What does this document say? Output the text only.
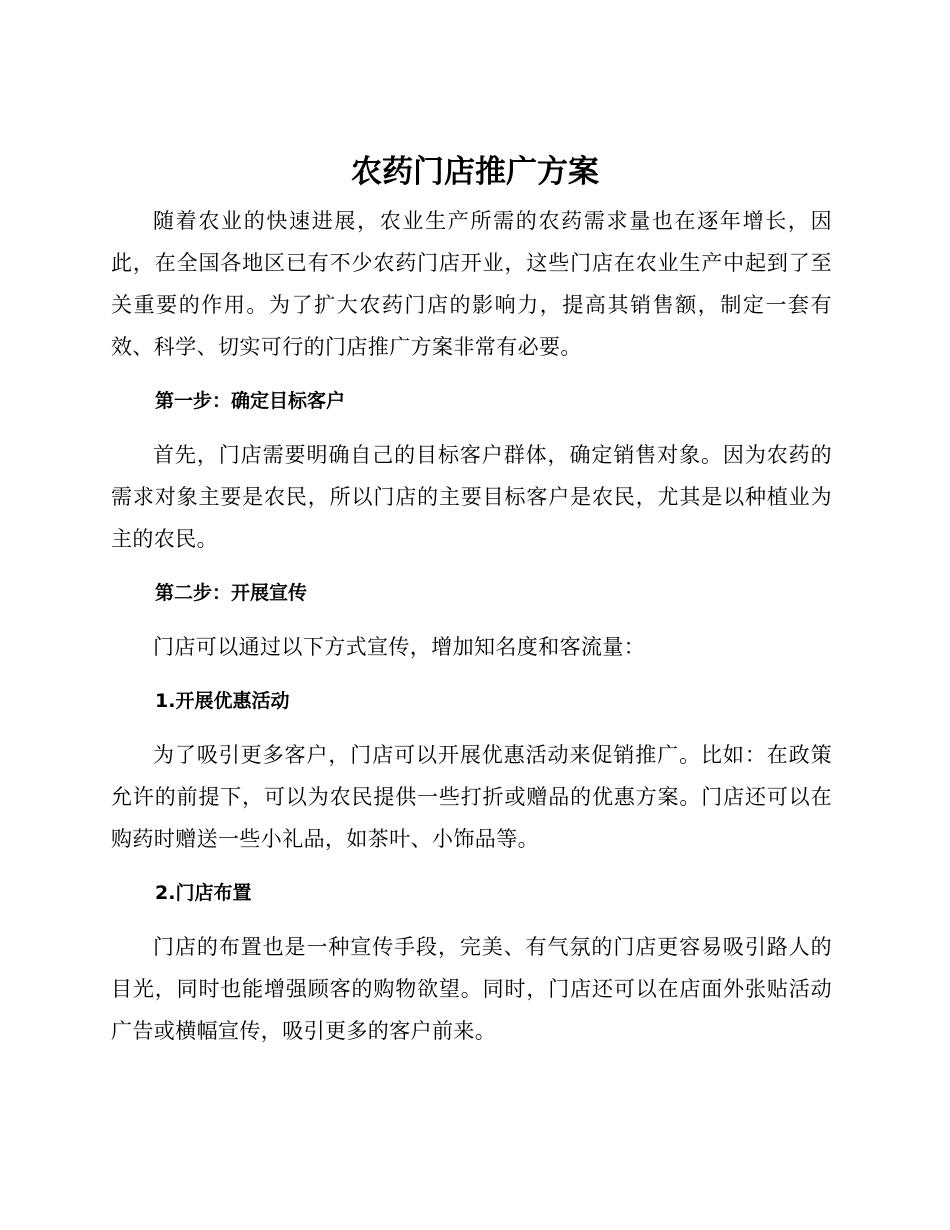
农药门店推广方案

随着农业的快速进展，农业生产所需的农药需求量也在逐年增长，因此，在全国各地区已有不少农药门店开业，这些门店在农业生产中起到了至关重要的作用。为了扩大农药门店的影响力，提高其销售额，制定一套有效、科学、切实可行的门店推广方案非常有必要。

第一步：确定目标客户

首先，门店需要明确自己的目标客户群体，确定销售对象。因为农药的需求对象主要是农民，所以门店的主要目标客户是农民，尤其是以种植业为主的农民。

第二步：开展宣传

门店可以通过以下方式宣传，增加知名度和客流量：

1.开展优惠活动

为了吸引更多客户，门店可以开展优惠活动来促销推广。比如：在政策允许的前提下，可以为农民提供一些打折或赠品的优惠方案。门店还可以在购药时赠送一些小礼品，如茶叶、小饰品等。

2.门店布置

门店的布置也是一种宣传手段，完美、有气氛的门店更容易吸引路人的目光，同时也能增强顾客的购物欲望。同时，门店还可以在店面外张贴活动广告或横幅宣传，吸引更多的客户前来。
